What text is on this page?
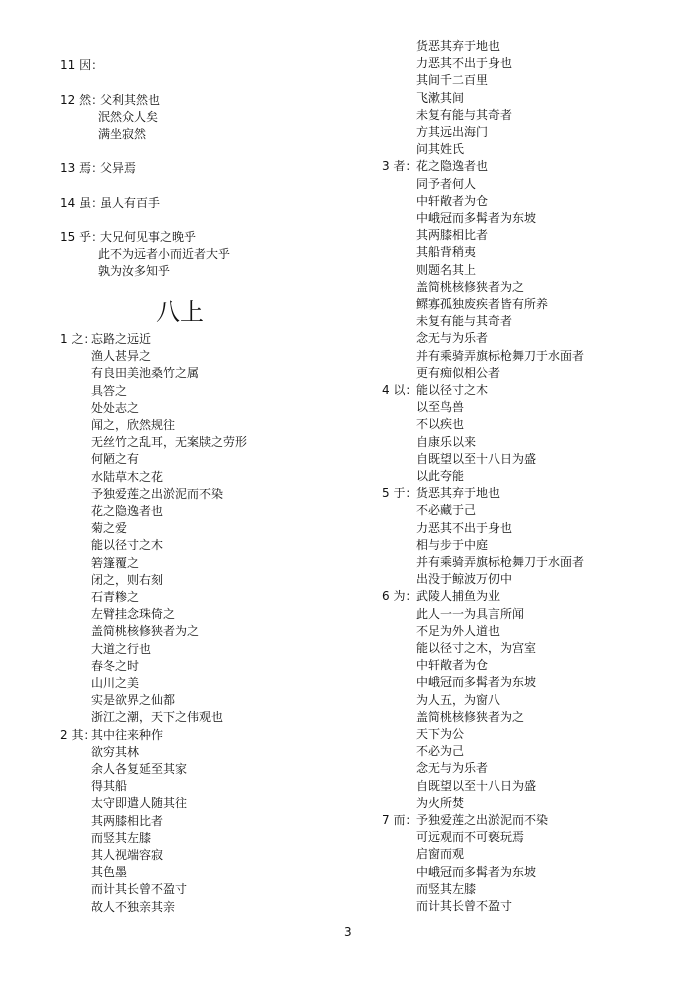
11 因：
12 然：
父利其然也
泯然众人矣
满坐寂然
13 焉：
父异焉
14 虽：
虽人有百手
15 乎：
大兄何见事之晚乎
此不为远者小而近者大乎
孰为汝多知乎
八上
1 之：
忘路之远近
渔人甚异之
有良田美池桑竹之属
具答之
处处志之
闻之，欣然规往
无丝竹之乱耳，无案牍之劳形
何陋之有
水陆草木之花
予独爱莲之出淤泥而不染
花之隐逸者也
菊之爱
能以径寸之木
箬篷覆之
闭之，则右刻
石青糁之
左臂挂念珠倚之
盖简桃核修狭者为之
大道之行也
春冬之时
山川之美
实是欲界之仙都
浙江之潮，天下之伟观也
2 其：
其中往来种作
欲穷其林
余人各复延至其家
得其船
太守即遣人随其往
其两膝相比者
而竖其左膝
其人视端容寂
其色墨
而计其长曾不盈寸
故人不独亲其亲
货恶其弃于地也
力恶其不出于身也
其间千二百里
飞漱其间
未复有能与其奇者
方其远出海门
问其姓氏
3 者：
花之隐逸者也
同予者何人
中轩敞者为仓
中峨冠而多髯者为东坡
其两膝相比者
其船背稍夷
则题名其上
盖简桃核修狭者为之
鳏寡孤独废疾者皆有所养
未复有能与其奇者
念无与为乐者
并有乘骑弄旗标枪舞刀于水面者
更有痴似相公者
4 以：
能以径寸之木
以至鸟兽
不以疾也
自康乐以来
自既望以至十八日为盛
以此夸能
5 于：
货恶其弃于地也
不必藏于己
力恶其不出于身也
相与步于中庭
并有乘骑弄旗标枪舞刀于水面者
出没于鲸波万仞中
6 为：
武陵人捕鱼为业
此人一一为具言所闻
不足为外人道也
能以径寸之木，为宫室
中轩敞者为仓
中峨冠而多髯者为东坡
为人五，为窗八
盖简桃核修狭者为之
天下为公
不必为己
念无与为乐者
自既望以至十八日为盛
为火所焚
7 而：
予独爱莲之出淤泥而不染
可远观而不可亵玩焉
启窗而观
中峨冠而多髯者为东坡
而竖其左膝
而计其长曾不盈寸
3
